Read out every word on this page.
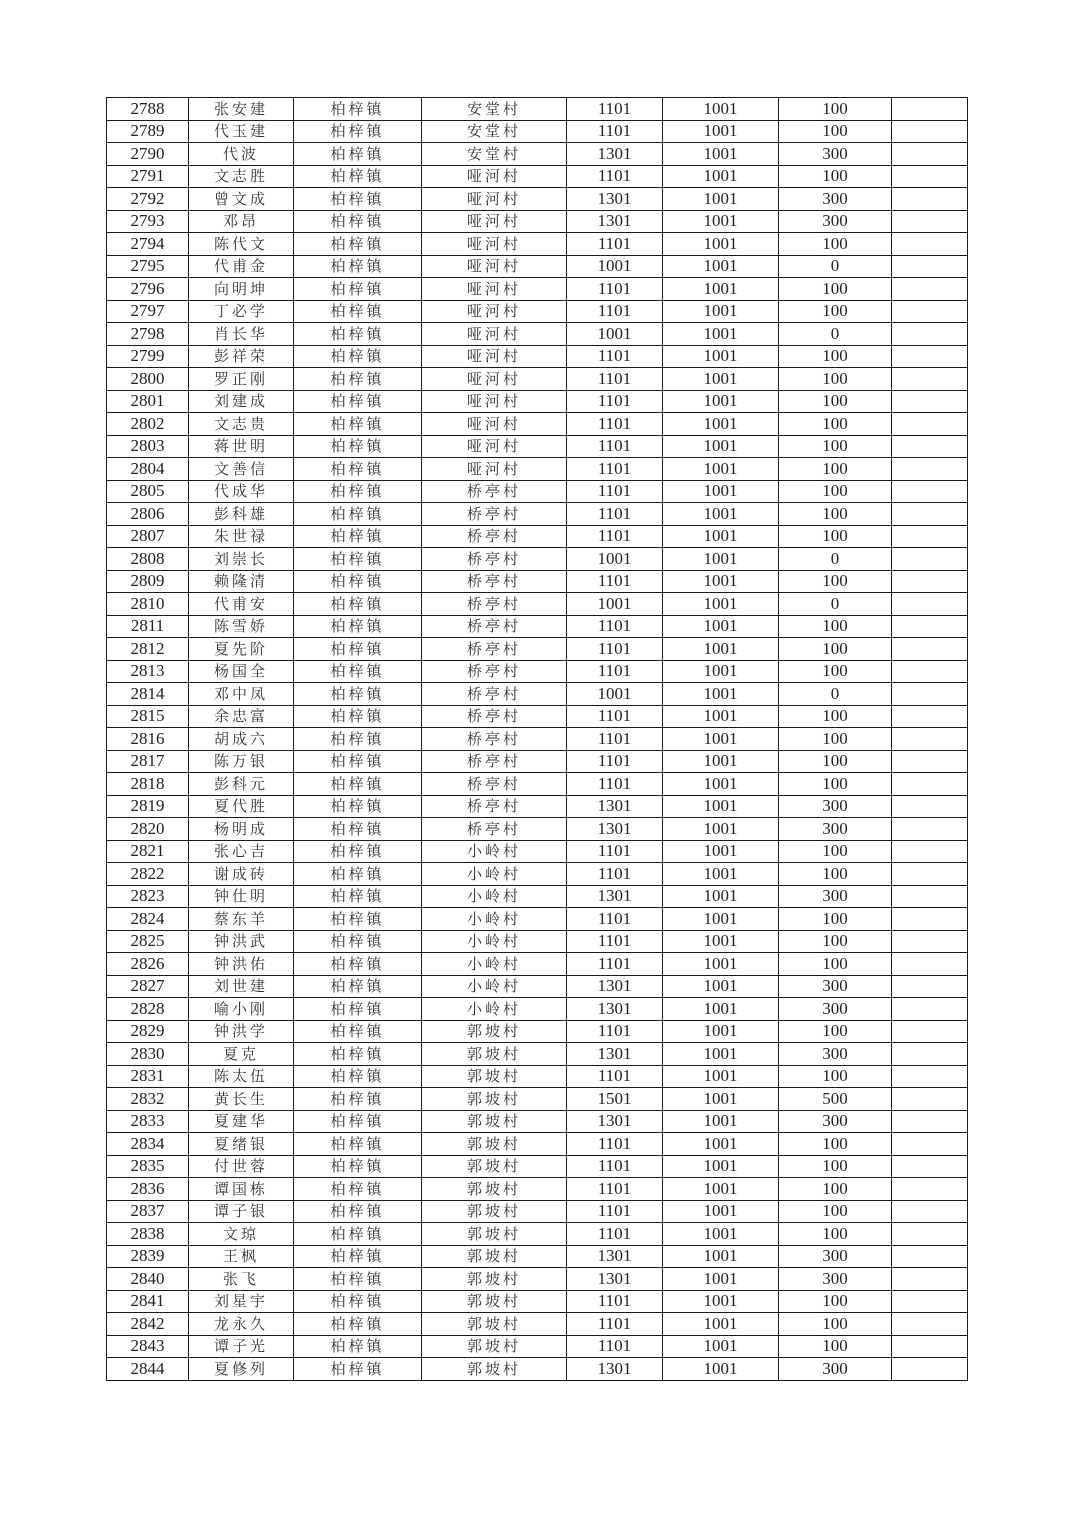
2788	张安建	柏梓镇	安堂村	1101	1001	100	
2789	代玉建	柏梓镇	安堂村	1101	1001	100	
2790	代波	柏梓镇	安堂村	1301	1001	300	
2791	文志胜	柏梓镇	哑河村	1101	1001	100	
2792	曾文成	柏梓镇	哑河村	1301	1001	300	
2793	邓昂	柏梓镇	哑河村	1301	1001	300	
2794	陈代文	柏梓镇	哑河村	1101	1001	100	
2795	代甫金	柏梓镇	哑河村	1001	1001	0	
2796	向明坤	柏梓镇	哑河村	1101	1001	100	
2797	丁必学	柏梓镇	哑河村	1101	1001	100	
2798	肖长华	柏梓镇	哑河村	1001	1001	0	
2799	彭祥荣	柏梓镇	哑河村	1101	1001	100	
2800	罗正刚	柏梓镇	哑河村	1101	1001	100	
2801	刘建成	柏梓镇	哑河村	1101	1001	100	
2802	文志贵	柏梓镇	哑河村	1101	1001	100	
2803	蒋世明	柏梓镇	哑河村	1101	1001	100	
2804	文善信	柏梓镇	哑河村	1101	1001	100	
2805	代成华	柏梓镇	桥亭村	1101	1001	100	
2806	彭科雄	柏梓镇	桥亭村	1101	1001	100	
2807	朱世禄	柏梓镇	桥亭村	1101	1001	100	
2808	刘崇长	柏梓镇	桥亭村	1001	1001	0	
2809	赖隆清	柏梓镇	桥亭村	1101	1001	100	
2810	代甫安	柏梓镇	桥亭村	1001	1001	0	
2811	陈雪娇	柏梓镇	桥亭村	1101	1001	100	
2812	夏先阶	柏梓镇	桥亭村	1101	1001	100	
2813	杨国全	柏梓镇	桥亭村	1101	1001	100	
2814	邓中凤	柏梓镇	桥亭村	1001	1001	0	
2815	余忠富	柏梓镇	桥亭村	1101	1001	100	
2816	胡成六	柏梓镇	桥亭村	1101	1001	100	
2817	陈万银	柏梓镇	桥亭村	1101	1001	100	
2818	彭科元	柏梓镇	桥亭村	1101	1001	100	
2819	夏代胜	柏梓镇	桥亭村	1301	1001	300	
2820	杨明成	柏梓镇	桥亭村	1301	1001	300	
2821	张心吉	柏梓镇	小岭村	1101	1001	100	
2822	谢成砖	柏梓镇	小岭村	1101	1001	100	
2823	钟仕明	柏梓镇	小岭村	1301	1001	300	
2824	蔡东羊	柏梓镇	小岭村	1101	1001	100	
2825	钟洪武	柏梓镇	小岭村	1101	1001	100	
2826	钟洪佑	柏梓镇	小岭村	1101	1001	100	
2827	刘世建	柏梓镇	小岭村	1301	1001	300	
2828	喻小刚	柏梓镇	小岭村	1301	1001	300	
2829	钟洪学	柏梓镇	郭坡村	1101	1001	100	
2830	夏克	柏梓镇	郭坡村	1301	1001	300	
2831	陈太伍	柏梓镇	郭坡村	1101	1001	100	
2832	黄长生	柏梓镇	郭坡村	1501	1001	500	
2833	夏建华	柏梓镇	郭坡村	1301	1001	300	
2834	夏绪银	柏梓镇	郭坡村	1101	1001	100	
2835	付世蓉	柏梓镇	郭坡村	1101	1001	100	
2836	谭国栋	柏梓镇	郭坡村	1101	1001	100	
2837	谭子银	柏梓镇	郭坡村	1101	1001	100	
2838	文琼	柏梓镇	郭坡村	1101	1001	100	
2839	王枫	柏梓镇	郭坡村	1301	1001	300	
2840	张飞	柏梓镇	郭坡村	1301	1001	300	
2841	刘星宇	柏梓镇	郭坡村	1101	1001	100	
2842	龙永久	柏梓镇	郭坡村	1101	1001	100	
2843	谭子光	柏梓镇	郭坡村	1101	1001	100	
2844	夏修列	柏梓镇	郭坡村	1301	1001	300	
